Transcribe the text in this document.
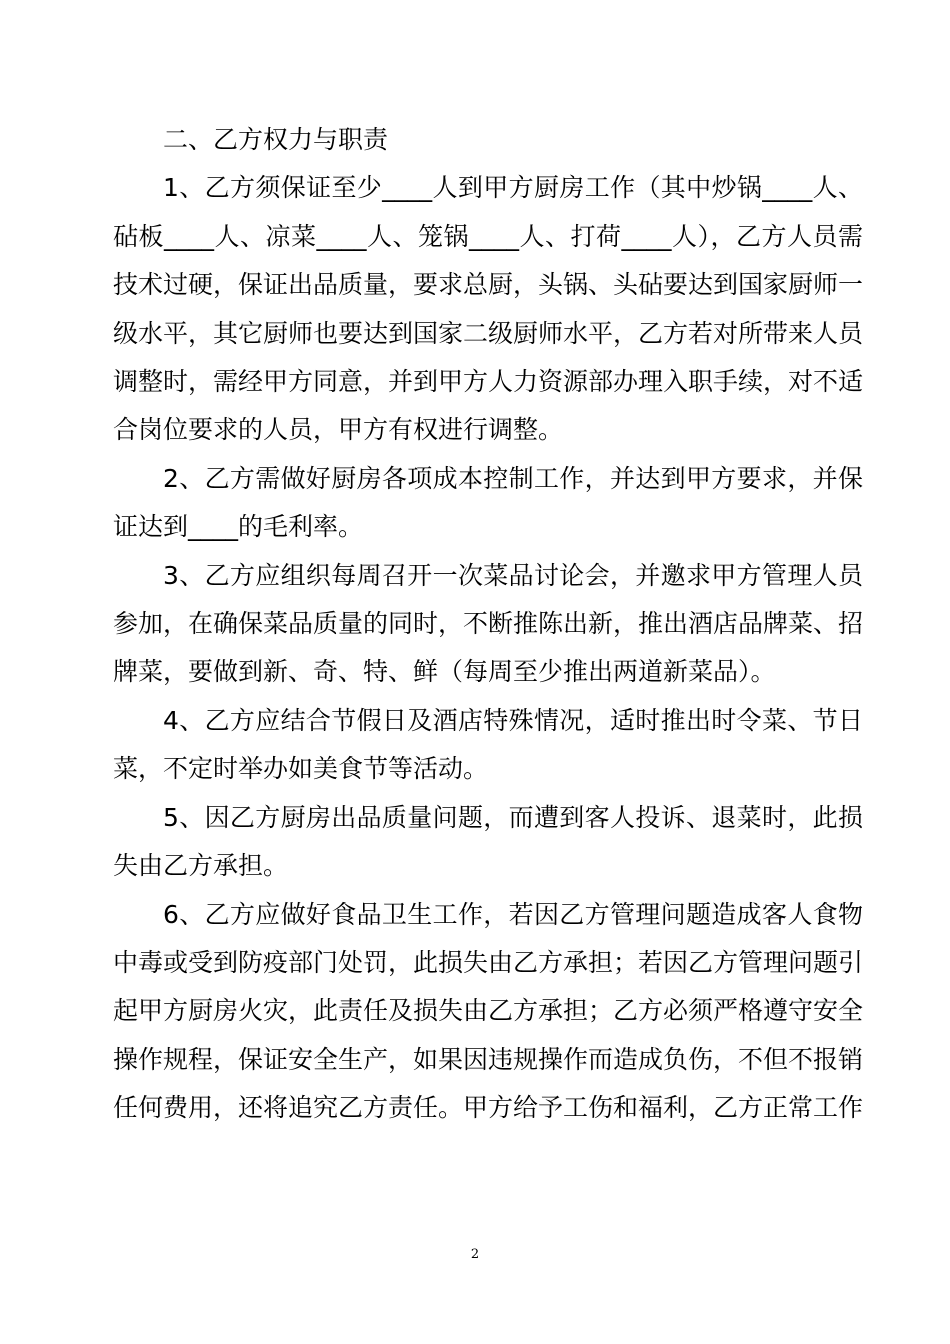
二、乙方权力与职责

1、乙方须保证至少____人到甲方厨房工作（其中炒锅____人、砧板____人、凉菜____人、笼锅____人、打荷____人），乙方人员需技术过硬，保证出品质量，要求总厨，头锅、头砧要达到国家厨师一级水平，其它厨师也要达到国家二级厨师水平，乙方若对所带来人员调整时，需经甲方同意，并到甲方人力资源部办理入职手续，对不适合岗位要求的人员，甲方有权进行调整。

2、乙方需做好厨房各项成本控制工作，并达到甲方要求，并保证达到____的毛利率。

3、乙方应组织每周召开一次菜品讨论会，并邀求甲方管理人员参加，在确保菜品质量的同时，不断推陈出新，推出酒店品牌菜、招牌菜，要做到新、奇、特、鲜（每周至少推出两道新菜品）。

4、乙方应结合节假日及酒店特殊情况，适时推出时令菜、节日菜，不定时举办如美食节等活动。

5、因乙方厨房出品质量问题，而遭到客人投诉、退菜时，此损失由乙方承担。

6、乙方应做好食品卫生工作，若因乙方管理问题造成客人食物中毒或受到防疫部门处罚，此损失由乙方承担；若因乙方管理问题引起甲方厨房火灾，此责任及损失由乙方承担；乙方必须严格遵守安全操作规程，保证安全生产，如果因违规操作而造成负伤，不但不报销任何费用，还将追究乙方责任。甲方给予工伤和福利，乙方正常工作

2
